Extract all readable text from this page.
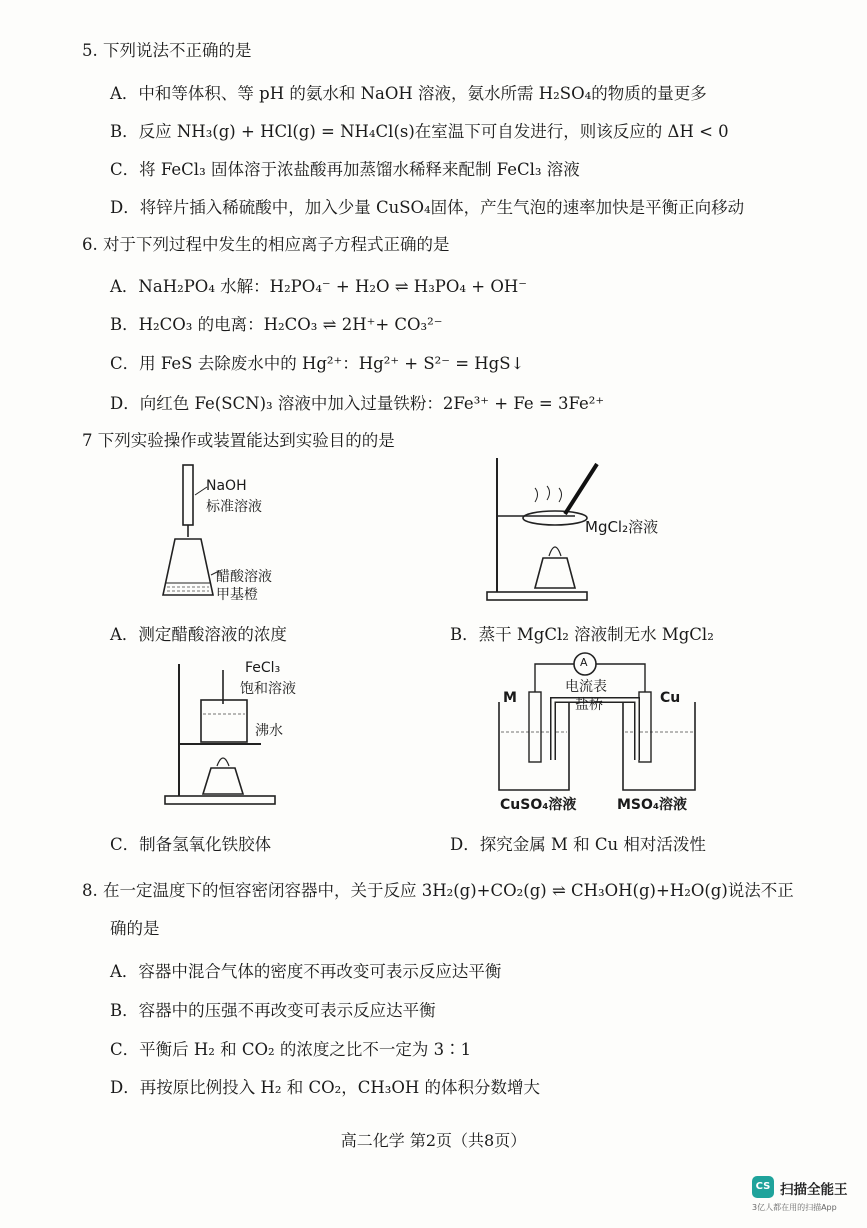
5. 下列说法不正确的是
A．中和等体积、等 pH 的氨水和 NaOH 溶液，氨水所需 H₂SO₄的物质的量更多
B．反应 NH₃(g) + HCl(g) = NH₄Cl(s)在室温下可自发进行，则该反应的 ΔH < 0
C．将 FeCl₃ 固体溶于浓盐酸再加蒸馏水稀释来配制 FeCl₃ 溶液
D．将锌片插入稀硫酸中，加入少量 CuSO₄固体，产生气泡的速率加快是平衡正向移动
6. 对于下列过程中发生的相应离子方程式正确的是
A．NaH₂PO₄ 水解：H₂PO₄⁻ + H₂O ⇌ H₃PO₄ + OH⁻
B．H₂CO₃ 的电离：H₂CO₃ ⇌ 2H⁺+ CO₃²⁻
C．用 FeS 去除废水中的 Hg²⁺：Hg²⁺ + S²⁻ = HgS↓
D．向红色 Fe(SCN)₃ 溶液中加入过量铁粉：2Fe³⁺ + Fe = 3Fe²⁺
7 下列实验操作或装置能达到实验目的的是
NaOH
标准溶液
醋酸溶液
甲基橙
A．测定醋酸溶液的浓度
MgCl₂溶液
B．蒸干 MgCl₂ 溶液制无水 MgCl₂
FeCl₃
饱和溶液
沸水
C．制备氢氧化铁胶体
A
电流表
盐桥
M	Cu
CuSO₄溶液	MSO₄溶液
D．探究金属 M 和 Cu 相对活泼性
8. 在一定温度下的恒容密闭容器中，关于反应 3H₂(g)+CO₂(g) ⇌ CH₃OH(g)+H₂O(g)说法不正
确的是
A．容器中混合气体的密度不再改变可表示反应达平衡
B．容器中的压强不再改变可表示反应达平衡
C．平衡后 H₂ 和 CO₂ 的浓度之比不一定为 3∶1
D．再按原比例投入 H₂ 和 CO₂，CH₃OH 的体积分数增大
高二化学 第2页（共8页）
CS 扫描全能王
3亿人都在用的扫描App
